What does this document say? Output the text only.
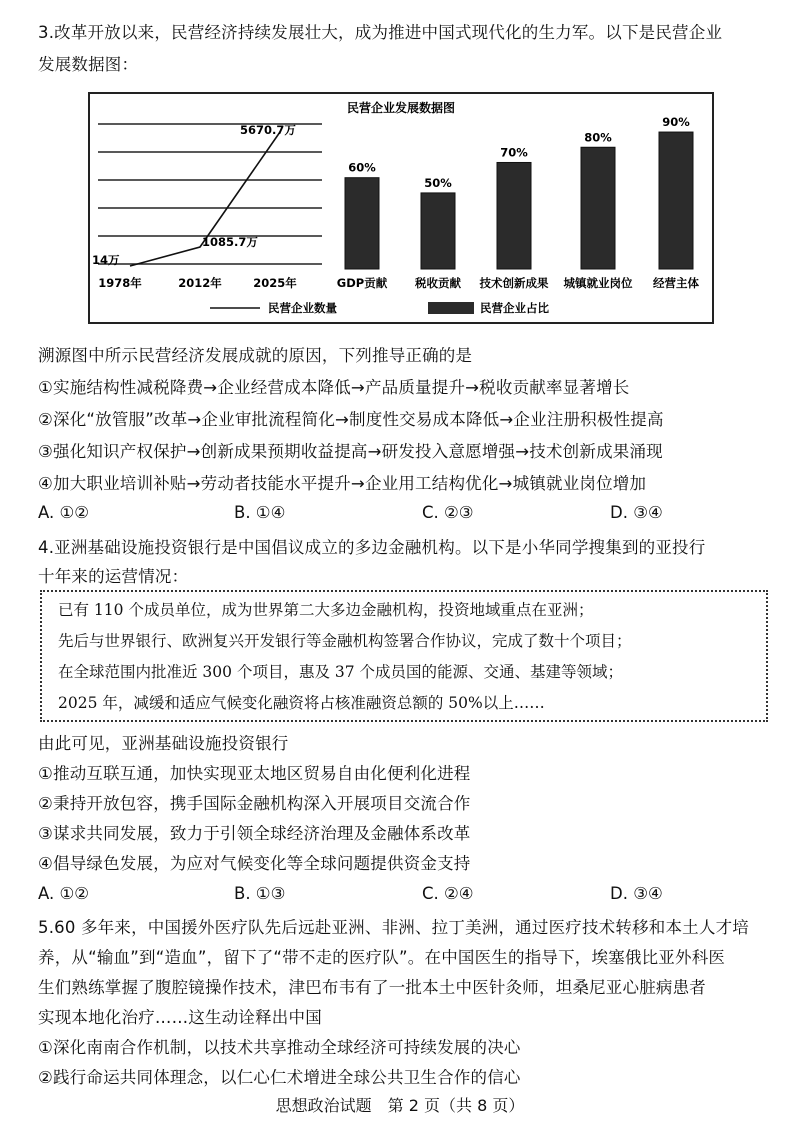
3.改革开放以来，民营经济持续发展壮大，成为推进中国式现代化的生力军。以下是民营企业
发展数据图：
民营企业发展数据图
14万
1085.7万
5670.7万
1978年	2012年	2025年
60%
GDP贡献
50%
税收贡献
70%
技术创新成果
80%
城镇就业岗位
90%
经营主体
民营企业数量	民营企业占比
溯源图中所示民营经济发展成就的原因，下列推导正确的是
①实施结构性减税降费→企业经营成本降低→产品质量提升→税收贡献率显著增长
②深化“放管服”改革→企业审批流程简化→制度性交易成本降低→企业注册积极性提高
③强化知识产权保护→创新成果预期收益提高→研发投入意愿增强→技术创新成果涌现
④加大职业培训补贴→劳动者技能水平提升→企业用工结构优化→城镇就业岗位增加
A. ①②	B. ①④	C. ②③	D. ③④
4.亚洲基础设施投资银行是中国倡议成立的多边金融机构。以下是小华同学搜集到的亚投行
十年来的运营情况：
已有 110 个成员单位，成为世界第二大多边金融机构，投资地域重点在亚洲；
先后与世界银行、欧洲复兴开发银行等金融机构签署合作协议，完成了数十个项目；
在全球范围内批准近 300 个项目，惠及 37 个成员国的能源、交通、基建等领域；
2025 年，减缓和适应气候变化融资将占核准融资总额的 50%以上……
由此可见，亚洲基础设施投资银行
①推动互联互通，加快实现亚太地区贸易自由化便利化进程
②秉持开放包容，携手国际金融机构深入开展项目交流合作
③谋求共同发展，致力于引领全球经济治理及金融体系改革
④倡导绿色发展，为应对气候变化等全球问题提供资金支持
A. ①②	B. ①③	C. ②④	D. ③④
5.60 多年来，中国援外医疗队先后远赴亚洲、非洲、拉丁美洲，通过医疗技术转移和本土人才培
养，从“输血”到“造血”，留下了“带不走的医疗队”。在中国医生的指导下，埃塞俄比亚外科医
生们熟练掌握了腹腔镜操作技术，津巴布韦有了一批本土中医针灸师，坦桑尼亚心脏病患者
实现本地化治疗……这生动诠释出中国
①深化南南合作机制，以技术共享推动全球经济可持续发展的决心
②践行命运共同体理念，以仁心仁术增进全球公共卫生合作的信心
思想政治试题　第 2 页（共 8 页）
